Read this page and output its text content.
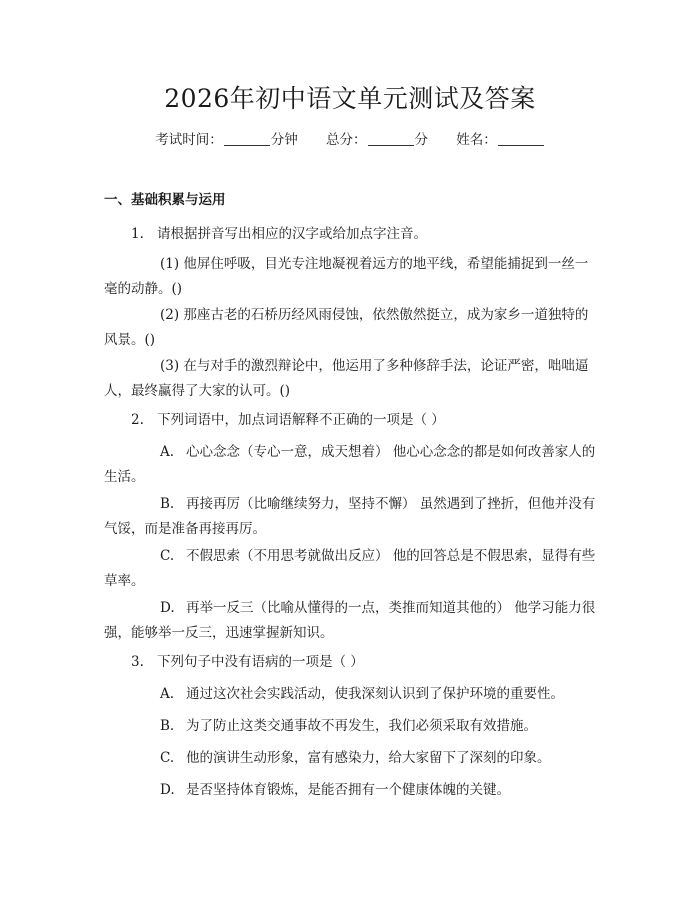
2026年初中语文单元测试及答案
考试时间：	分钟 总分：	分 姓名：
一、基础积累与运用
1. 请根据拼音写出相应的汉字或给加点字注音。
(1) 他屏住呼吸，目光专注地凝视着远方的地平线，希望能捕捉到一丝一毫的动静。()
(2) 那座古老的石桥历经风雨侵蚀，依然傲然挺立，成为家乡一道独特的风景。()
(3) 在与对手的激烈辩论中，他运用了多种修辞手法，论证严密，咄咄逼人，最终赢得了大家的认可。()
2. 下列词语中，加点词语解释不正确的一项是（ ）
A. 心心念念（专心一意，成天想着） 他心心念念的都是如何改善家人的生活。
B. 再接再厉（比喻继续努力，坚持不懈） 虽然遇到了挫折，但他并没有气馁，而是准备再接再厉。
C. 不假思索（不用思考就做出反应） 他的回答总是不假思索，显得有些草率。
D. 再举一反三（比喻从懂得的一点，类推而知道其他的） 他学习能力很强，能够举一反三，迅速掌握新知识。
3. 下列句子中没有语病的一项是（ ）
A. 通过这次社会实践活动，使我深刻认识到了保护环境的重要性。
B. 为了防止这类交通事故不再发生，我们必须采取有效措施。
C. 他的演讲生动形象，富有感染力，给大家留下了深刻的印象。
D. 是否坚持体育锻炼，是能否拥有一个健康体魄的关键。
